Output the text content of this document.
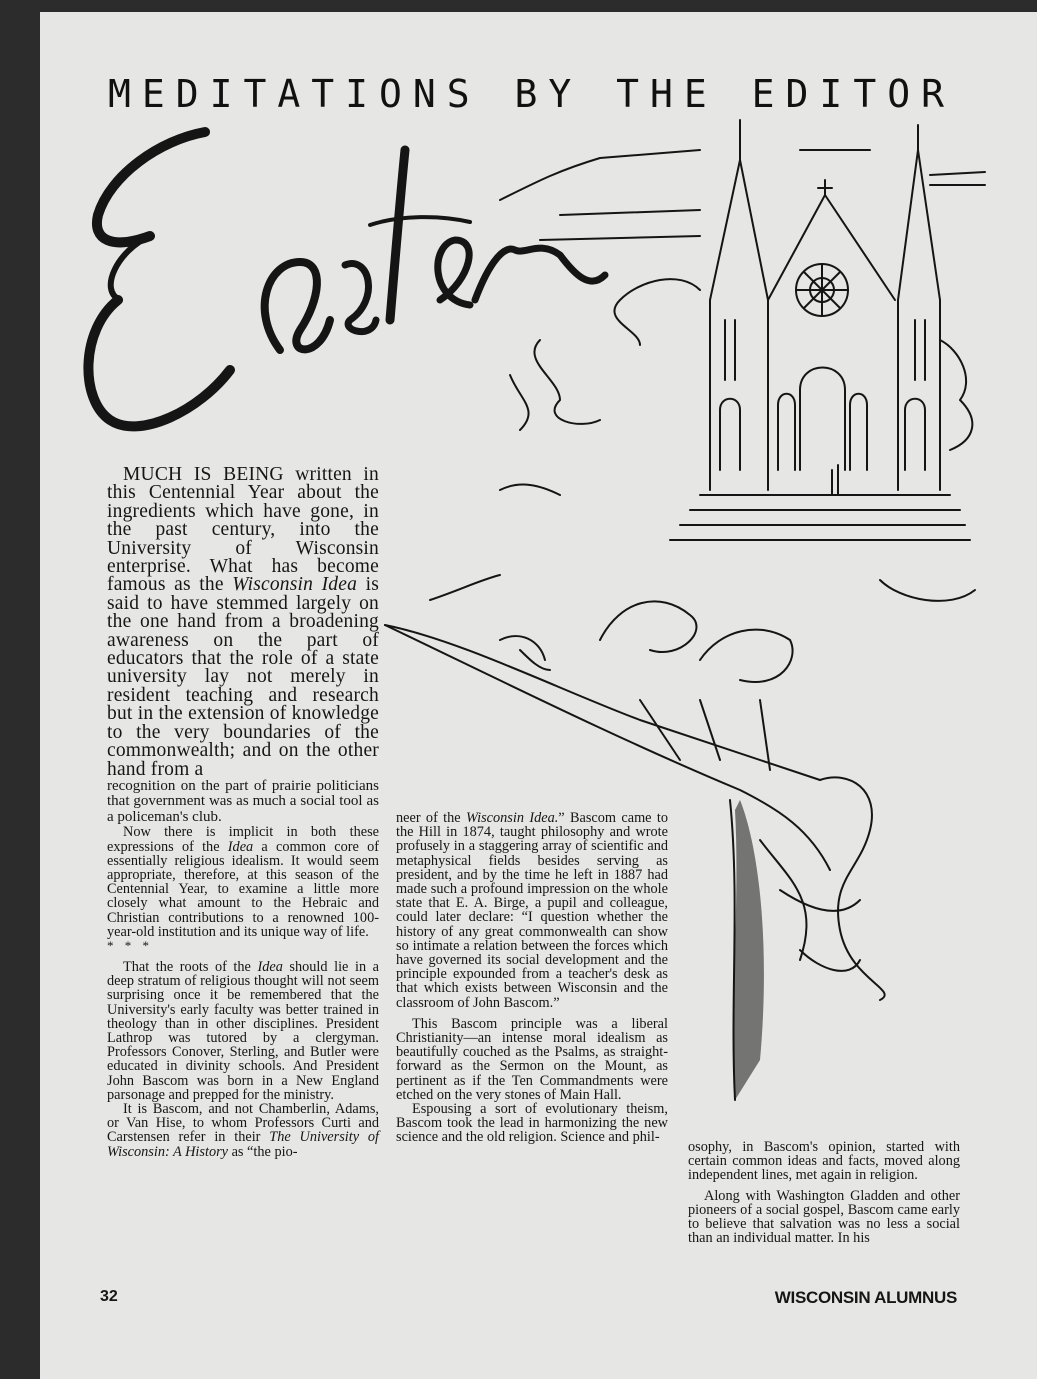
MEDITATIONS BY THE EDITOR

MUCH IS BEING written in this Centennial Year about the ingredients which have gone, in the past century, into the University of Wisconsin enterprise. What has become famous as the Wisconsin Idea is said to have stemmed largely on the one hand from a broadening awareness on the part of educators that the role of a state university lay not merely in resident teaching and research but in the extension of knowledge to the very boundaries of the commonwealth; and on the other hand from a

recognition on the part of prairie politicians that government was as much a social tool as a policeman's club.

Now there is implicit in both these expressions of the Idea a common core of essentially religious idealism. It would seem appropriate, therefore, at this season of the Centennial Year, to examine a little more closely what amount to the Hebraic and Christian contributions to a renowned 100-year-old institution and its unique way of life.

* * *

That the roots of the Idea should lie in a deep stratum of religious thought will not seem surprising once it be remembered that the University's early faculty was better trained in theology than in other disciplines. President Lathrop was tutored by a clergyman. Professors Conover, Sterling, and Butler were educated in divinity schools. And President John Bascom was born in a New England parsonage and prepped for the ministry.

It is Bascom, and not Chamberlin, Adams, or Van Hise, to whom Professors Curti and Carstensen refer in their The University of Wisconsin: A History as “the pio-

neer of the Wisconsin Idea.” Bascom came to the Hill in 1874, taught philosophy and wrote profusely in a staggering array of scientific and metaphysical fields besides serving as president, and by the time he left in 1887 had made such a profound impression on the whole state that E. A. Birge, a pupil and colleague, could later declare: “I question whether the history of any great commonwealth can show so intimate a relation between the forces which have governed its social development and the principle expounded from a teacher's desk as that which exists between Wisconsin and the classroom of John Bascom.”

This Bascom principle was a liberal Christianity—an intense moral idealism as beautifully couched as the Psalms, as straight-forward as the Sermon on the Mount, as pertinent as if the Ten Commandments were etched on the very stones of Main Hall.

Espousing a sort of evolutionary theism, Bascom took the lead in harmonizing the new science and the old religion. Science and phil-

osophy, in Bascom's opinion, started with certain common ideas and facts, moved along independent lines, met again in religion.

Along with Washington Gladden and other pioneers of a social gospel, Bascom came early to believe that salvation was no less a social than an individual matter. In his

32	WISCONSIN ALUMNUS
